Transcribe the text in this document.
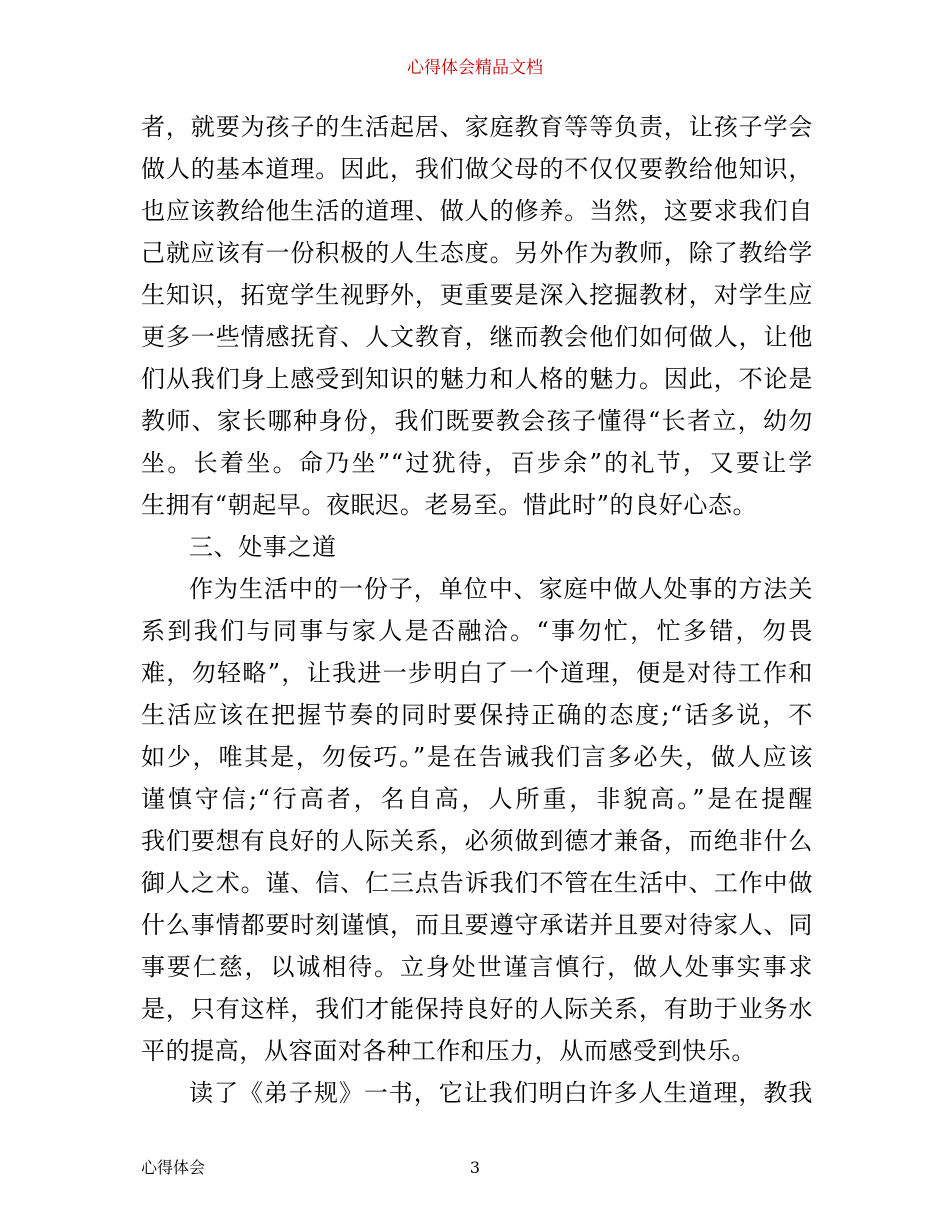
心得体会精品文档
者，就要为孩子的生活起居、家庭教育等等负责，让孩子学会
做人的基本道理。因此，我们做父母的不仅仅要教给他知识，
也应该教给他生活的道理、做人的修养。当然，这要求我们自
己就应该有一份积极的人生态度。另外作为教师，除了教给学
生知识，拓宽学生视野外，更重要是深入挖掘教材，对学生应
更多一些情感抚育、人文教育，继而教会他们如何做人，让他
们从我们身上感受到知识的魅力和人格的魅力。因此，不论是
教师、家长哪种身份，我们既要教会孩子懂得“长者立，幼勿
坐。长着坐。命乃坐”“过犹待，百步余”的礼节，又要让学
生拥有“朝起早。夜眠迟。老易至。惜此时”的良好心态。
三、处事之道
作为生活中的一份子，单位中、家庭中做人处事的方法关
系到我们与同事与家人是否融洽。“事勿忙，忙多错，勿畏
难，勿轻略”，让我进一步明白了一个道理，便是对待工作和
生活应该在把握节奏的同时要保持正确的态度;“话多说，不
如少，唯其是，勿佞巧。”是在告诫我们言多必失，做人应该
谨慎守信;“行高者，名自高，人所重，非貌高。”是在提醒
我们要想有良好的人际关系，必须做到德才兼备，而绝非什么
御人之术。谨、信、仁三点告诉我们不管在生活中、工作中做
什么事情都要时刻谨慎，而且要遵守承诺并且要对待家人、同
事要仁慈，以诚相待。立身处世谨言慎行，做人处事实事求
是，只有这样，我们才能保持良好的人际关系，有助于业务水
平的提高，从容面对各种工作和压力，从而感受到快乐。
读了《弟子规》一书，它让我们明白许多人生道理，教我
心得体会	3
